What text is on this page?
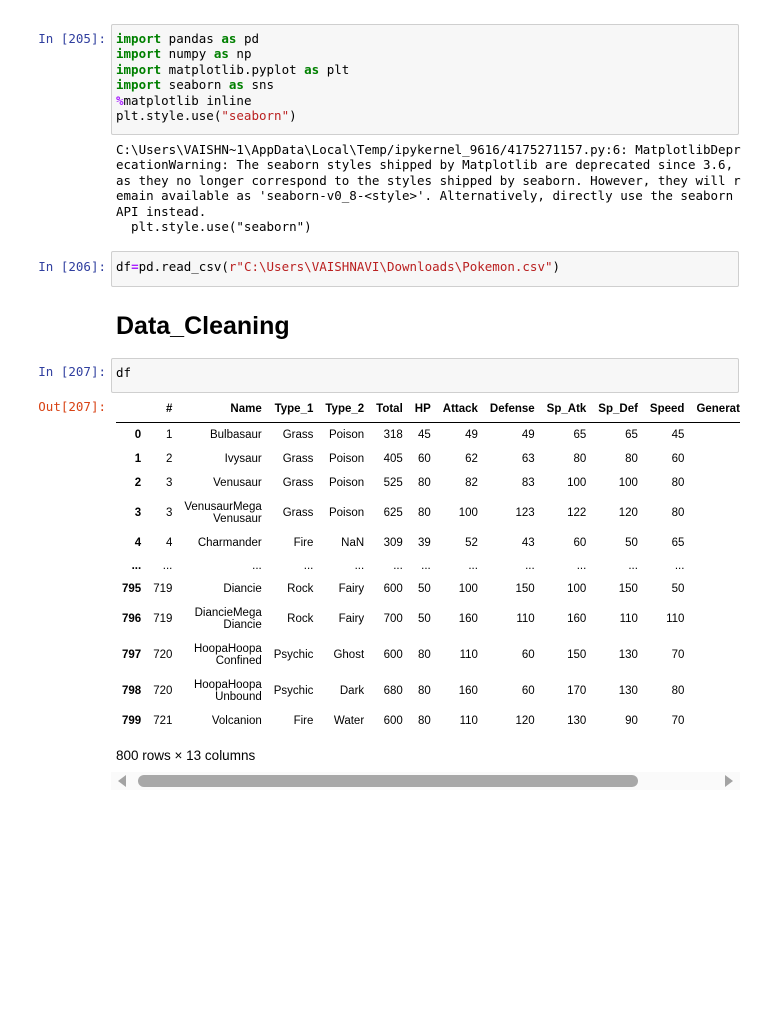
In [205]: import pandas as pd
import numpy as np
import matplotlib.pyplot as plt
import seaborn as sns
%matplotlib inline
plt.style.use("seaborn")
C:\Users\VAISHN~1\AppData\Local\Temp/ipykernel_9616/4175271157.py:6: MatplotlibDepr
ecationWarning: The seaborn styles shipped by Matplotlib are deprecated since 3.6,
as they no longer correspond to the styles shipped by seaborn. However, they will r
emain available as 'seaborn-v0_8-<style>'. Alternatively, directly use the seaborn
API instead.
plt.style.use("seaborn")
In [206]: df=pd.read_csv(r"C:\Users\VAISHNAVI\Downloads\Pokemon.csv")
Data_Cleaning
In [207]: df
Out[207]:
		#	Name	Type_1	Type_2	Total	HP	Attack	Defense	Sp_Atk	Sp_Def	Speed	Generat
0	1	Bulbasaur	Grass	Poison	318	45	49	49	65	65	45	
1	2	Ivysaur	Grass	Poison	405	60	62	63	80	80	60	
2	3	Venusaur	Grass	Poison	525	80	82	83	100	100	80	
3	3	VenusaurMega Venusaur	Grass	Poison	625	80	100	123	122	120	80	
4	4	Charmander	Fire	NaN	309	39	52	43	60	50	65	
...	...	...	...	...	...	...	...	...	...	...	...	
795	719	Diancie	Rock	Fairy	600	50	100	150	100	150	50	
796	719	DiancieMega Diancie	Rock	Fairy	700	50	160	110	160	110	110	
797	720	HoopaHoopa Confined	Psychic	Ghost	600	80	110	60	150	130	70	
798	720	HoopaHoopa Unbound	Psychic	Dark	680	80	160	60	170	130	80	
799	721	Volcanion	Fire	Water	600	80	110	120	130	90	70	
800 rows × 13 columns
